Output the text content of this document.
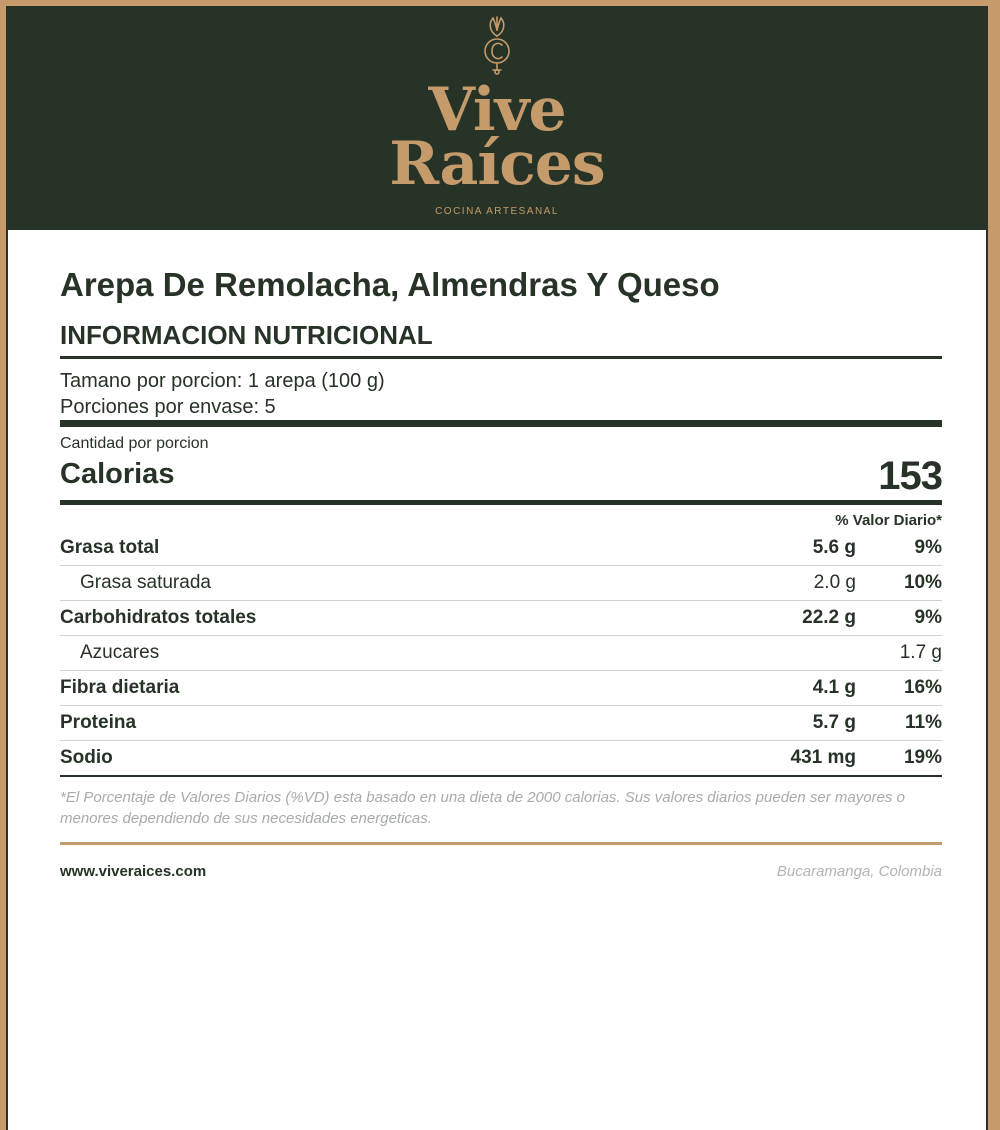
Vive
Raíces
COCINA ARTESANAL
Arepa De Remolacha, Almendras Y Queso
INFORMACION NUTRICIONAL
Tamano por porcion: 1 arepa (100 g)
Porciones por envase: 5
Cantidad por porcion
Calorias	153
% Valor Diario*
Grasa total	5.6 g	9%
Grasa saturada	2.0 g	10%
Carbohidratos totales	22.2 g	9%
Azucares	1.7 g
Fibra dietaria	4.1 g	16%
Proteina	5.7 g	11%
Sodio	431 mg	19%
*El Porcentaje de Valores Diarios (%VD) esta basado en una dieta de 2000 calorias. Sus valores diarios pueden ser mayores o menores dependiendo de sus necesidades energeticas.
www.viveraices.com	Bucaramanga, Colombia
